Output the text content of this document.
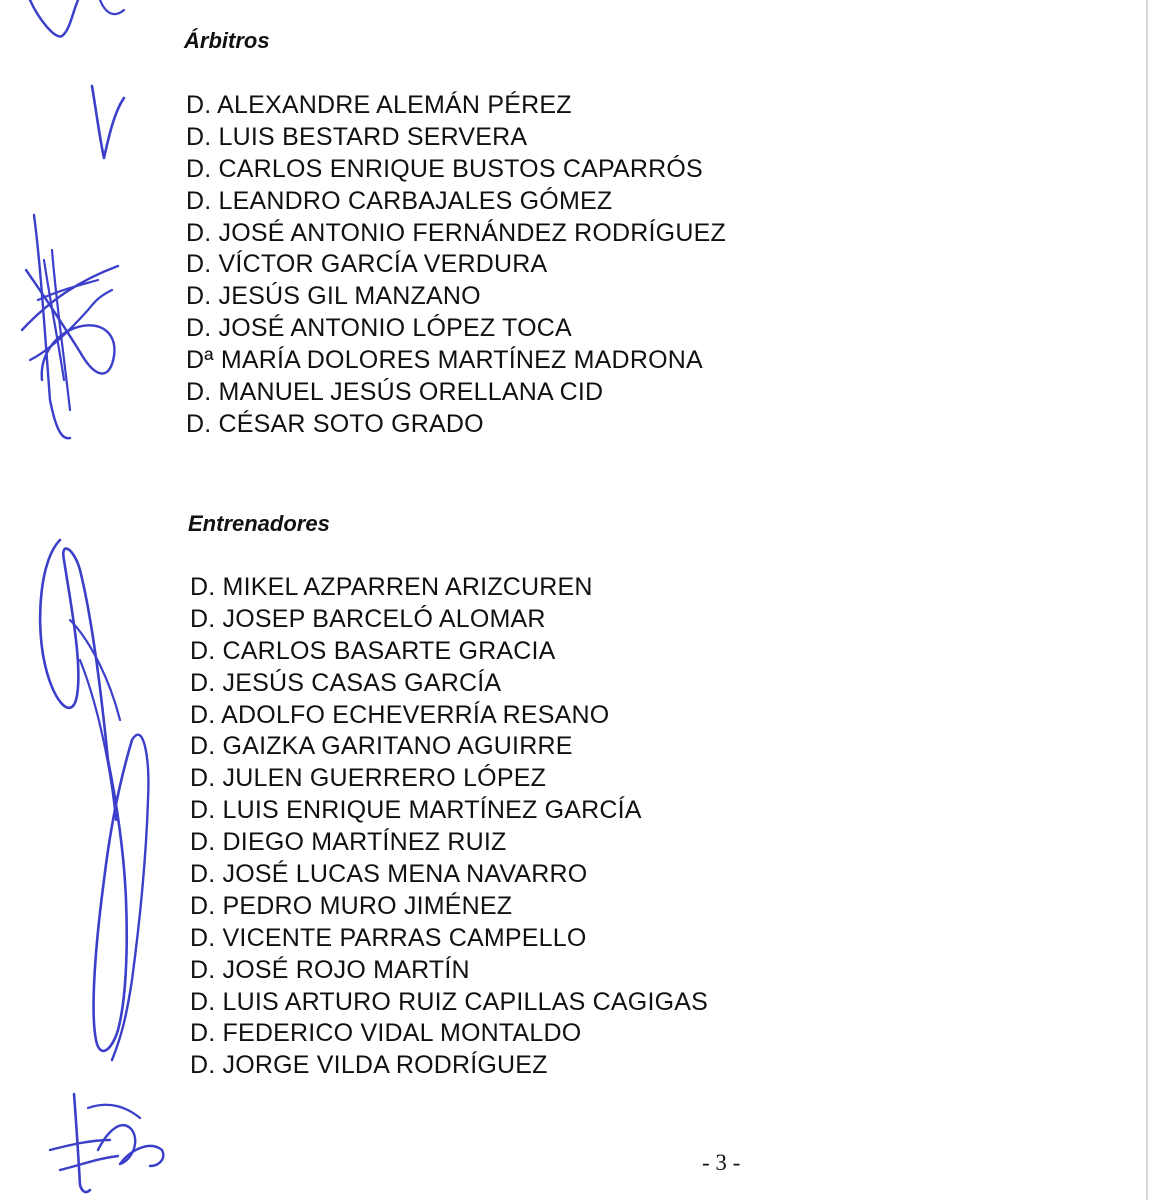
Árbitros
D. ALEXANDRE ALEMÁN PÉREZ
D. LUIS BESTARD SERVERA
D. CARLOS ENRIQUE BUSTOS CAPARRÓS
D. LEANDRO CARBAJALES GÓMEZ
D. JOSÉ ANTONIO FERNÁNDEZ RODRÍGUEZ
D. VÍCTOR GARCÍA VERDURA
D. JESÚS GIL MANZANO
D. JOSÉ ANTONIO LÓPEZ TOCA
Dª MARÍA DOLORES MARTÍNEZ MADRONA
D. MANUEL JESÚS ORELLANA CID
D. CÉSAR SOTO GRADO
Entrenadores
D. MIKEL AZPARREN ARIZCUREN
D. JOSEP BARCELÓ ALOMAR
D. CARLOS BASARTE GRACIA
D. JESÚS CASAS GARCÍA
D. ADOLFO ECHEVERRÍA RESANO
D. GAIZKA GARITANO AGUIRRE
D. JULEN GUERRERO LÓPEZ
D. LUIS ENRIQUE MARTÍNEZ GARCÍA
D. DIEGO MARTÍNEZ RUIZ
D. JOSÉ LUCAS MENA NAVARRO
D. PEDRO MURO JIMÉNEZ
D. VICENTE PARRAS CAMPELLO
D. JOSÉ ROJO MARTÍN
D. LUIS ARTURO RUIZ CAPILLAS CAGIGAS
D. FEDERICO VIDAL MONTALDO
D. JORGE VILDA RODRÍGUEZ
- 3 -
